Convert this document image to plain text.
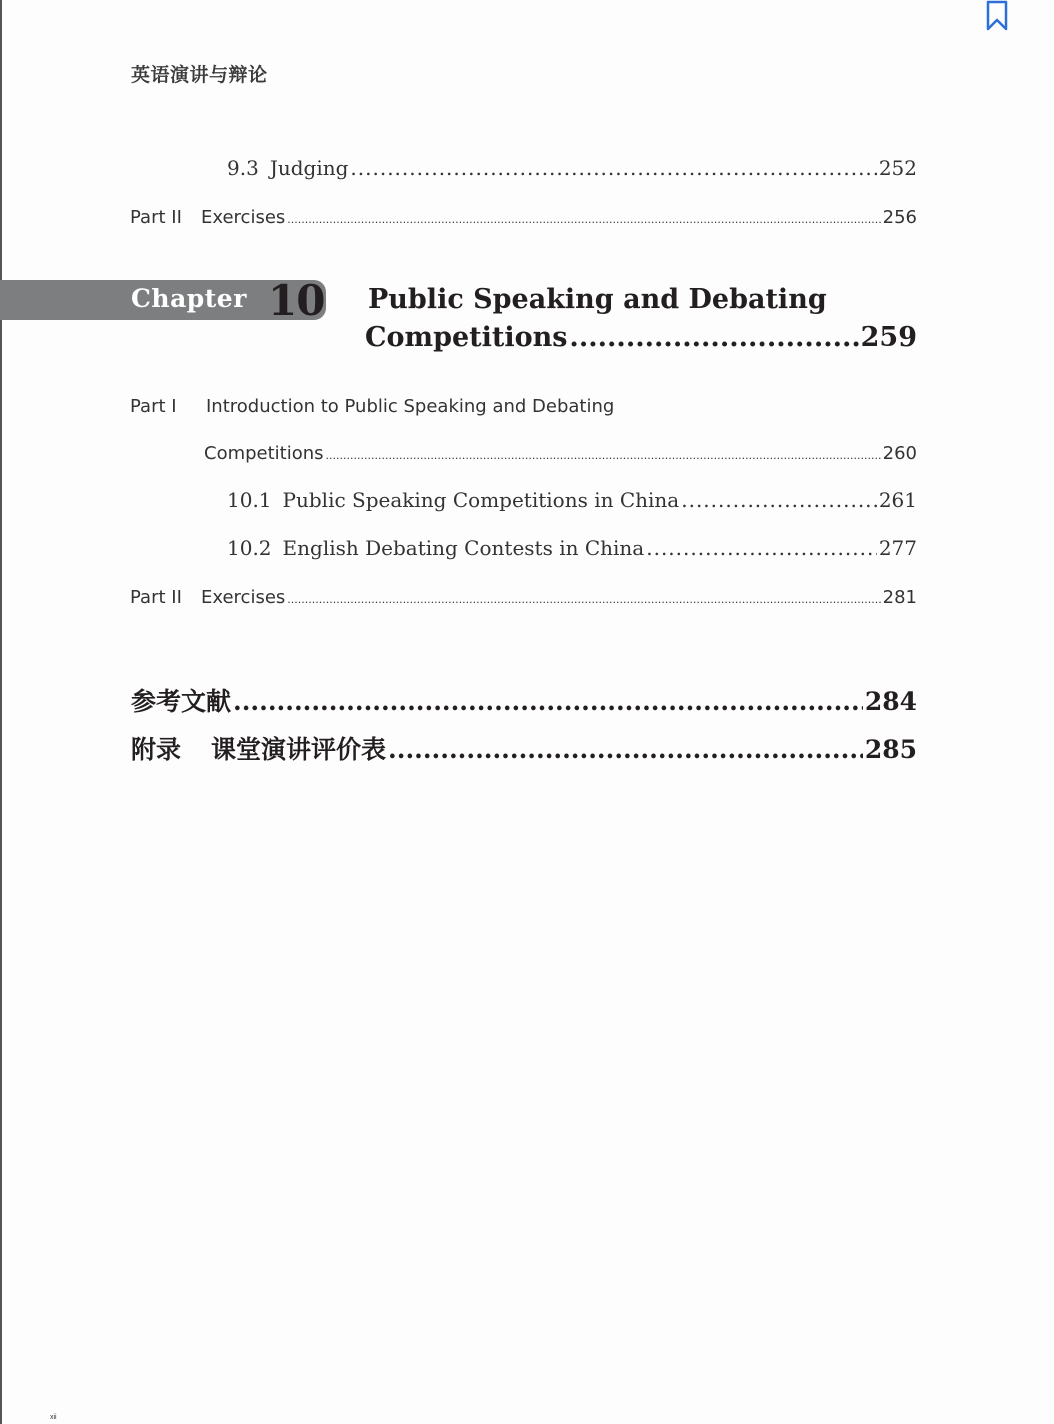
英语演讲与辩论
9.3 Judging .....	252
Part II	Exercises .....	256
Chapter 10 Public Speaking and Debating
Competitions .....	259
Part I Introduction to Public Speaking and Debating
Competitions .....	260
10.1 Public Speaking Competitions in China .....	261
10.2 English Debating Contests in China .....	277
Part II	Exercises .....	281
参考文献 .....	284
附录 课堂演讲评价表 .....	285
xii
